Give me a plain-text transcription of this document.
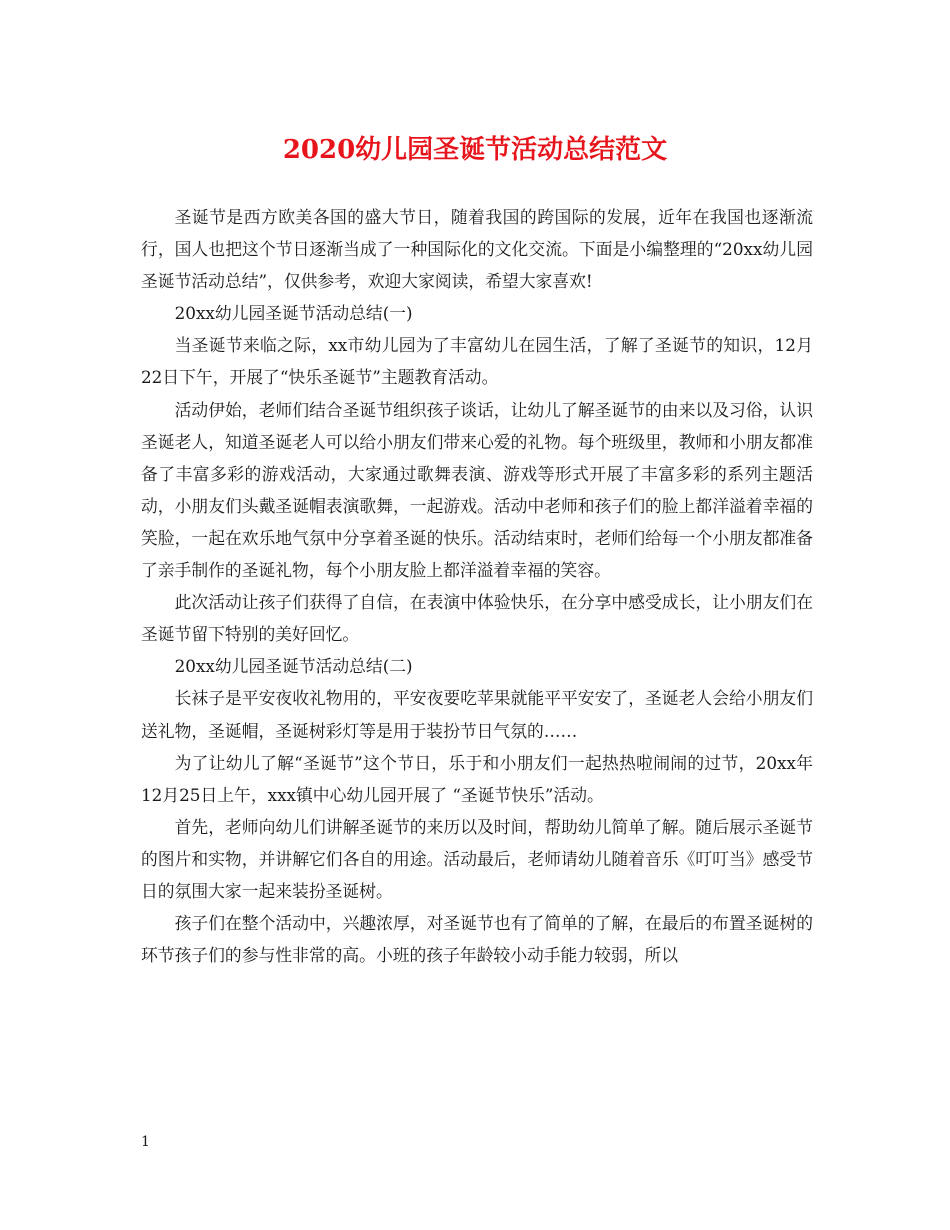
2020幼儿园圣诞节活动总结范文

圣诞节是西方欧美各国的盛大节日，随着我国的跨国际的发展，近年在我国也逐渐流行，国人也把这个节日逐渐当成了一种国际化的文化交流。下面是小编整理的“20xx幼儿园圣诞节活动总结”，仅供参考，欢迎大家阅读，希望大家喜欢!

20xx幼儿园圣诞节活动总结(一)

当圣诞节来临之际，xx市幼儿园为了丰富幼儿在园生活，了解了圣诞节的知识，12月22日下午，开展了“快乐圣诞节”主题教育活动。

活动伊始，老师们结合圣诞节组织孩子谈话，让幼儿了解圣诞节的由来以及习俗，认识圣诞老人，知道圣诞老人可以给小朋友们带来心爱的礼物。每个班级里，教师和小朋友都准备了丰富多彩的游戏活动，大家通过歌舞表演、游戏等形式开展了丰富多彩的系列主题活动，小朋友们头戴圣诞帽表演歌舞，一起游戏。活动中老师和孩子们的脸上都洋溢着幸福的笑脸，一起在欢乐地气氛中分享着圣诞的快乐。活动结束时，老师们给每一个小朋友都准备了亲手制作的圣诞礼物，每个小朋友脸上都洋溢着幸福的笑容。

此次活动让孩子们获得了自信，在表演中体验快乐，在分享中感受成长，让小朋友们在圣诞节留下特别的美好回忆。

20xx幼儿园圣诞节活动总结(二)

长袜子是平安夜收礼物用的，平安夜要吃苹果就能平平安安了，圣诞老人会给小朋友们送礼物，圣诞帽，圣诞树彩灯等是用于装扮节日气氛的……

为了让幼儿了解“圣诞节”这个节日，乐于和小朋友们一起热热啦闹闹的过节，20xx年12月25日上午，xxx镇中心幼儿园开展了 “圣诞节快乐”活动。

首先，老师向幼儿们讲解圣诞节的来历以及时间，帮助幼儿简单了解。随后展示圣诞节的图片和实物，并讲解它们各自的用途。活动最后，老师请幼儿随着音乐《叮叮当》感受节日的氛围大家一起来装扮圣诞树。

孩子们在整个活动中，兴趣浓厚，对圣诞节也有了简单的了解，在最后的布置圣诞树的环节孩子们的参与性非常的高。小班的孩子年龄较小动手能力较弱，所以

1
